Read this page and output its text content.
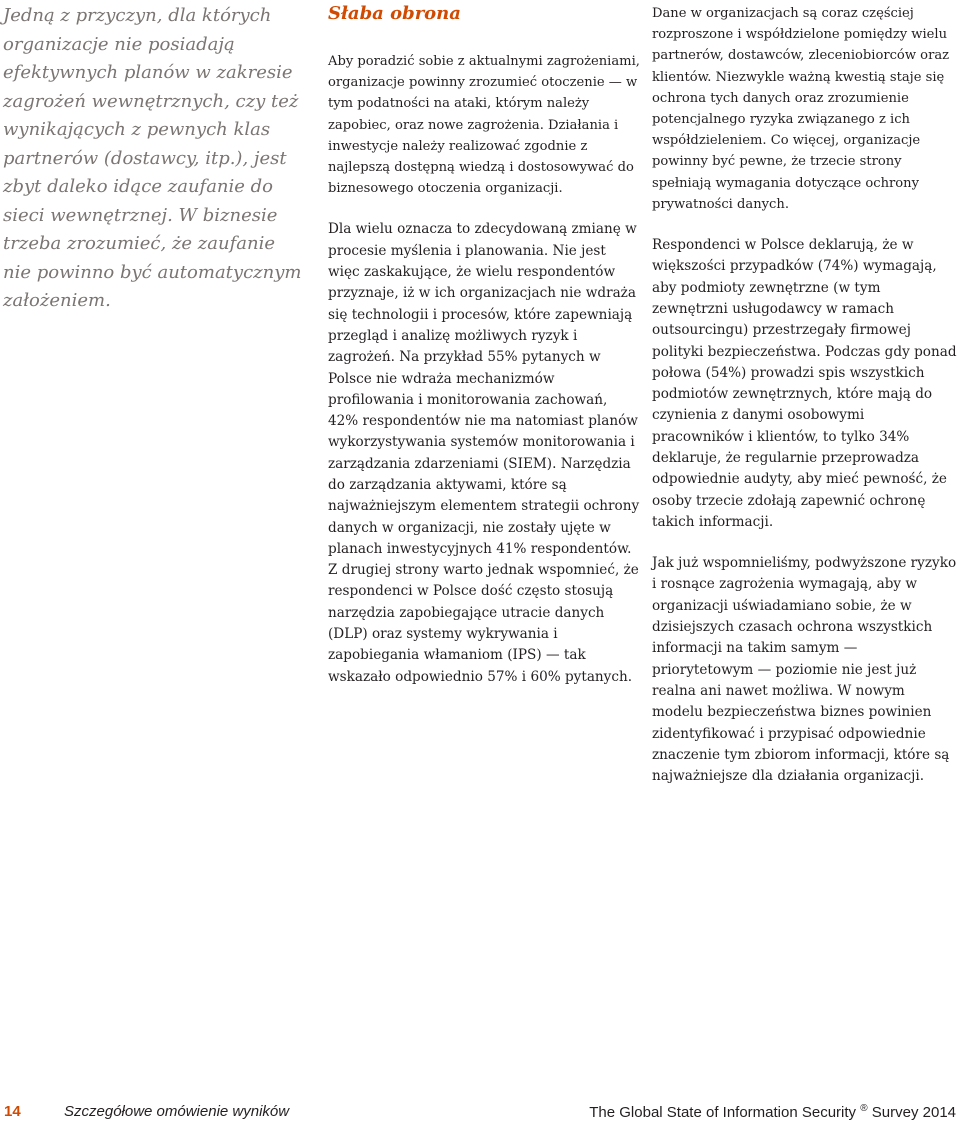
Jedną z przyczyn, dla których organizacje nie posiadają efektywnych planów w zakresie zagrożeń wewnętrznych, czy też wynikających z pewnych klas partnerów (dostawcy, itp.), jest zbyt daleko idące zaufanie do sieci wewnętrznej. W biznesie trzeba zrozumieć, że zaufanie nie powinno być automatycznym założeniem.

Słaba obrona

Aby poradzić sobie z aktualnymi zagrożeniami, organizacje powinny zrozumieć otoczenie — w tym podatności na ataki, którym należy zapobiec, oraz nowe zagrożenia. Działania i inwestycje należy realizować zgodnie z najlepszą dostępną wiedzą i dostosowywać do biznesowego otoczenia organizacji.

Dla wielu oznacza to zdecydowaną zmianę w procesie myślenia i planowania. Nie jest więc zaskakujące, że wielu respondentów przyznaje, iż w ich organizacjach nie wdraża się technologii i procesów, które zapewniają przegląd i analizę możliwych ryzyk i zagrożeń. Na przykład 55% pytanych w Polsce nie wdraża mechanizmów profilowania i monitorowania zachowań, 42% respondentów nie ma natomiast planów wykorzystywania systemów monitorowania i zarządzania zdarzeniami (SIEM). Narzędzia do zarządzania aktywami, które są najważniejszym elementem strategii ochrony danych w organizacji, nie zostały ujęte w planach inwestycyjnych 41% respondentów. Z drugiej strony warto jednak wspomnieć, że respondenci w Polsce dość często stosują narzędzia zapobiegające utracie danych (DLP) oraz systemy wykrywania i zapobiegania włamaniom (IPS) — tak wskazało odpowiednio 57% i 60% pytanych.

Dane w organizacjach są coraz częściej rozproszone i współdzielone pomiędzy wielu partnerów, dostawców, zleceniobiorców oraz klientów. Niezwykle ważną kwestią staje się ochrona tych danych oraz zrozumienie potencjalnego ryzyka związanego z ich współdzieleniem. Co więcej, organizacje powinny być pewne, że trzecie strony spełniają wymagania dotyczące ochrony prywatności danych.

Respondenci w Polsce deklarują, że w większości przypadków (74%) wymagają, aby podmioty zewnętrzne (w tym zewnętrzni usługodawcy w ramach outsourcingu) przestrzegały firmowej polityki bezpieczeństwa. Podczas gdy ponad połowa (54%) prowadzi spis wszystkich podmiotów zewnętrznych, które mają do czynienia z danymi osobowymi pracowników i klientów, to tylko 34% deklaruje, że regularnie przeprowadza odpowiednie audyty, aby mieć pewność, że osoby trzecie zdołają zapewnić ochronę takich informacji.

Jak już wspomnieliśmy, podwyższone ryzyko i rosnące zagrożenia wymagają, aby w organizacji uświadamiano sobie, że w dzisiejszych czasach ochrona wszystkich informacji na takim samym — priorytetowym — poziomie nie jest już realna ani nawet możliwa. W nowym modelu bezpieczeństwa biznes powinien zidentyfikować i przypisać odpowiednie znaczenie tym zbiorom informacji, które są najważniejsze dla działania organizacji.

14	Szczegółowe omówienie wyników	The Global State of Information Security ® Survey 2014
